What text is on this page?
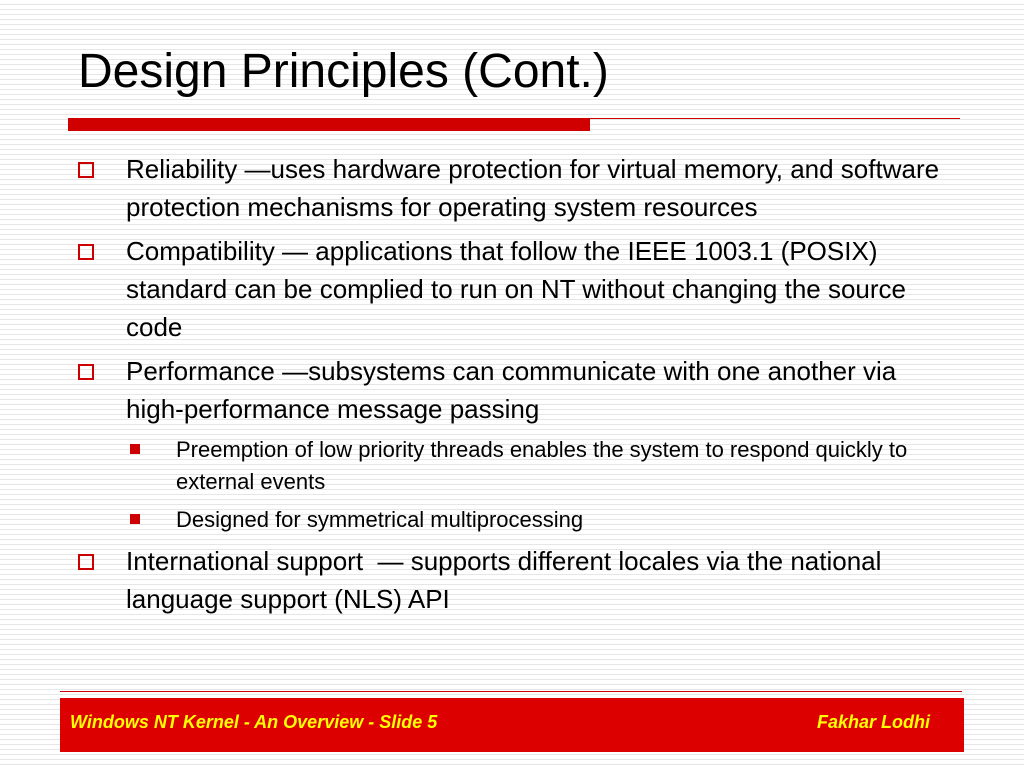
Design Principles (Cont.)
Reliability —uses hardware protection for virtual memory, and software protection mechanisms for operating system resources
Compatibility — applications that follow the IEEE 1003.1 (POSIX) standard can be complied to run on NT without changing the source code
Performance —subsystems can communicate with one another via high-performance message passing
Preemption of low priority threads enables the system to respond quickly to external events
Designed for symmetrical multiprocessing
International support  — supports different locales via the national language support (NLS) API
Windows NT Kernel - An Overview - Slide 5	Fakhar Lodhi
